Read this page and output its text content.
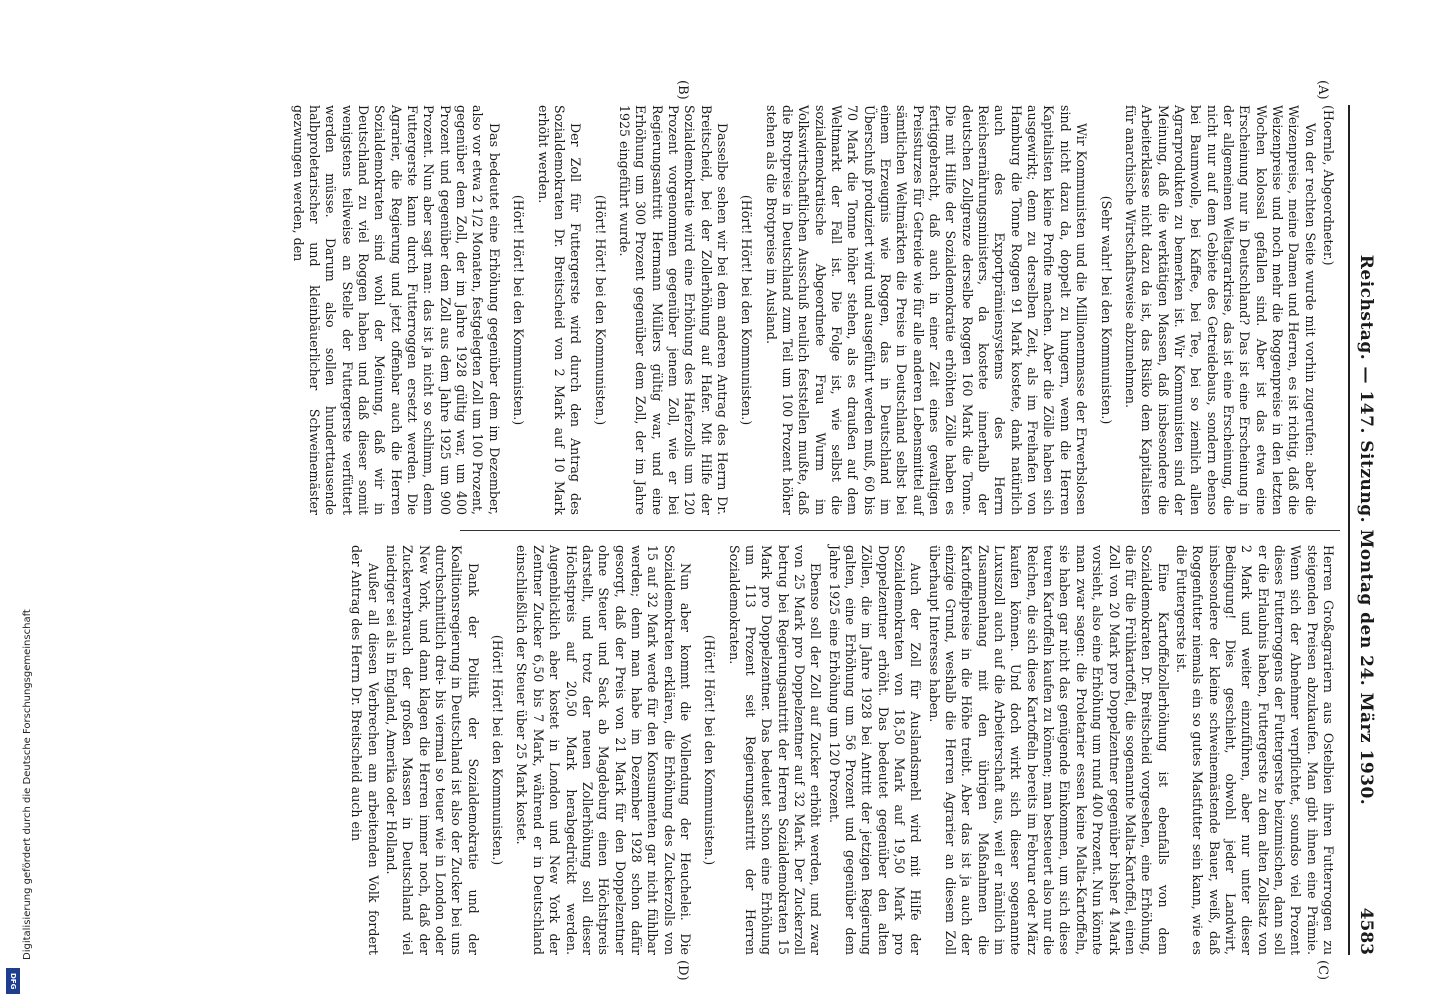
Reichstag. — 147. Sitzung. Montag den 24. März 1930.
4583
(A)
(B)
(C)
(D)

(Hoernle, Abgeordneter.)

Von der rechten Seite wurde mit vorhin zugerufen: aber die Weizenpreise, meine Damen und Herren, es ist richtig, daß die Weizenpreise und noch mehr die Roggenpreise in den letzten Wochen kolossal gefallen sind. Aber ist das etwa eine Erscheinung nur in Deutschland? Das ist eine Erscheinung in der allgemeinen Weltagrarkrise, das ist eine Erscheinung, die nicht nur auf dem Gebiete des Getreidebaus, sondern ebenso bei Baumwolle, bei Kaffee, bei Tee, bei so ziemlich allen Agrarprodukten zu bemerken ist. Wir Kommunisten sind der Meinung, daß die werktätigen Massen, daß insbesondere die Arbeiterklasse nicht dazu da ist, das Risiko dem Kapitalisten für anarchische Wirtschaftsweise abzunehmen.

(Sehr wahr! bei den Kommunisten.)

Wir Kommunisten und die Millionenmasse der Erwerbslosen sind nicht dazu da, doppelt zu hungern, wenn die Herren Kapitalisten kleine Profite machen. Aber die Zölle haben sich ausgewirkt; denn zu derselben Zeit, als im Freihafen von Hamburg die Tonne Roggen 91 Mark kostete, dank natürlich auch des Exportprämiensystems des Herrn Reichsernährungsministers, da kostete innerhalb der deutschen Zollgrenze derselbe Roggen 160 Mark die Tonne. Die mit Hilfe der Sozialdemokratie erhöhten Zölle haben es fertiggebracht, daß auch in einer Zeit eines gewaltigen Preissturzes für Getreide wie für alle anderen Lebensmittel auf sämtlichen Weltmärkten die Preise in Deutschland selbst bei einem Erzeugnis wie Roggen, das in Deutschland im Überschuß produziert wird und ausgeführt werden muß, 60 bis 70 Mark die Tonne höher stehen, als es draußen auf dem Weltmarkt der Fall ist. Die Folge ist, wie selbst die sozialdemokratische Abgeordnete Frau Wurm im Volkswirtschaftlichen Ausschuß neulich feststellen mußte, daß die Brotpreise in Deutschland zum Teil um 100 Prozent höher stehen als die Brotpreise im Ausland.

(Hört! Hört! bei den Kommunisten.)

Dasselbe sehen wir bei dem anderen Antrag des Herrn Dr. Breitscheid, bei der Zollerhöhung auf Hafer. Mit Hilfe der Sozialdemokratie wird eine Erhöhung des Haferzolls um 120 Prozent vorgenommen gegenüber jenem Zoll, wie er bei Regierungsantritt Hermann Müllers gültig war, und eine Erhöhung um 300 Prozent gegenüber dem Zoll, der im Jahre 1925 eingeführt wurde.

(Hört! Hört! bei den Kommunisten.)

Der Zoll für Futtergerste wird durch den Antrag des Sozialdemokraten Dr. Breitscheid von 2 Mark auf 10 Mark erhöht werden.

(Hört! Hört! bei den Kommunisten.)

Das bedeutet eine Erhöhung gegenüber dem im Dezember, also vor etwa 2 1/2 Monaten, festgelegten Zoll um 100 Prozent, gegenüber dem Zoll, der im Jahre 1928 gültig war, um 400 Prozent und gegenüber dem Zoll aus dem Jahre 1925 um 900 Prozent. Nun aber sagt man: das ist ja nicht so schlimm, denn Futtergerste kann durch Futterroggen ersetzt werden. Die Agrarier, die Regierung und jetzt offenbar auch die Herren Sozialdemokraten sind wohl der Meinung, daß wir in Deutschland zu viel Roggen haben und daß dieser somit wenigstens teilweise an Stelle der Futtergerste verfüttert werden müsse. Darum also sollen hunderttausende halbproletarischer und kleinbäuerlicher Schweinemäster gezwungen werden, den

Herren Großagrariern aus Ostelbien ihren Futterroggen zu steigenden Preisen abzukaufen. Man gibt ihnen eine Prämie. Wenn sich der Abnehmer verpflichtet, soundso viel Prozent dieses Futterroggens der Futtergerste beizumischen, dann soll er die Erlaubnis haben, Futtergerste zu dem alten Zollsatz von 2 Mark und weiter einzuführen, aber nur unter dieser Bedingung! Dies geschieht, obwohl jeder Landwirt, insbesondere der kleine schweinemästende Bauer, weiß, daß Roggenfutter niemals ein so gutes Mastfutter sein kann, wie es die Futtergerste ist.

Eine Kartoffelzollerhöhung ist ebenfalls von dem Sozialdemokraten Dr. Breitscheid vorgesehen, eine Erhöhung, die für die Frühkartoffel, die sogenannte Malta-Kartoffel, einen Zoll von 20 Mark pro Doppelzentner gegenüber bisher 4 Mark vorsieht, also eine Erhöhung um rund 400 Prozent. Nun könnte man zwar sagen: die Proletarier essen keine Malta-Kartoffeln, sie haben gar nicht das genügende Einkommen, um sich diese teuren Kartoffeln kaufen zu können; man besteuert also nur die Reichen, die sich diese Kartoffeln bereits im Februar oder März kaufen können. Und doch wirkt sich dieser sogenannte Luxuszoll auch auf die Arbeiterschaft aus, weil er nämlich im Zusammenhang mit den übrigen Maßnahmen die Kartoffelpreise in die Höhe treibt. Aber das ist ja auch der einzige Grund, weshalb die Herren Agrarier an diesem Zoll überhaupt Interesse haben.

Auch der Zoll für Auslandsmehl wird mit Hilfe der Sozialdemokraten von 18,50 Mark auf 19,50 Mark pro Doppelzentner erhöht. Das bedeutet gegenüber den alten Zöllen, die im Jahre 1928 bei Antritt der jetzigen Regierung galten, eine Erhöhung um 56 Prozent und gegenüber dem Jahre 1925 eine Erhöhung um 120 Prozent.

Ebenso soll der Zoll auf Zucker erhöht werden, und zwar von 25 Mark pro Doppelzentner auf 32 Mark. Der Zuckerzoll betrug bei Regierungsantritt der Herren Sozialdemokraten 15 Mark pro Doppelzentner. Das bedeutet schon eine Erhöhung um 113 Prozent seit Regierungsantritt der Herren Sozialdemokraten.

(Hört! Hört! bei den Kommunisten.)

Nun aber kommt die Vollendung der Heuchelei. Die Sozialdemokraten erklären, die Erhöhung des Zuckerzolls von 15 auf 32 Mark werde für den Konsumenten gar nicht fühlbar werden; denn man habe im Dezember 1928 schon dafür gesorgt, daß der Preis von 21 Mark für den Doppelzentner ohne Steuer und Sack ab Magdeburg einen Höchstpreis darstellt, und trotz der neuen Zollerhöhung soll dieser Höchstpreis auf 20,50 Mark herabgedrückt werden. Augenblicklich aber kostet in London und New York der Zentner Zucker 6,50 bis 7 Mark, während er in Deutschland einschließlich der Steuer über 25 Mark kostet.

(Hört! Hört! bei den Kommunisten.)

Dank der Politik der Sozialdemokratie und der Koalitionsregierung in Deutschland ist also der Zucker bei uns durchschnittlich drei- bis viermal so teuer wie in London oder New York, und dann klagen die Herren immer noch, daß der Zuckerverbrauch der großen Massen in Deutschland viel niedriger sei als in England, Amerika oder Holland.

Außer all diesen Verbrechen am arbeitenden Volk fordert der Antrag des Herrn Dr. Breitscheid auch ein

Digitalisierung gefördert durch die Deutsche Forschungsgemeinschaft
DFG
